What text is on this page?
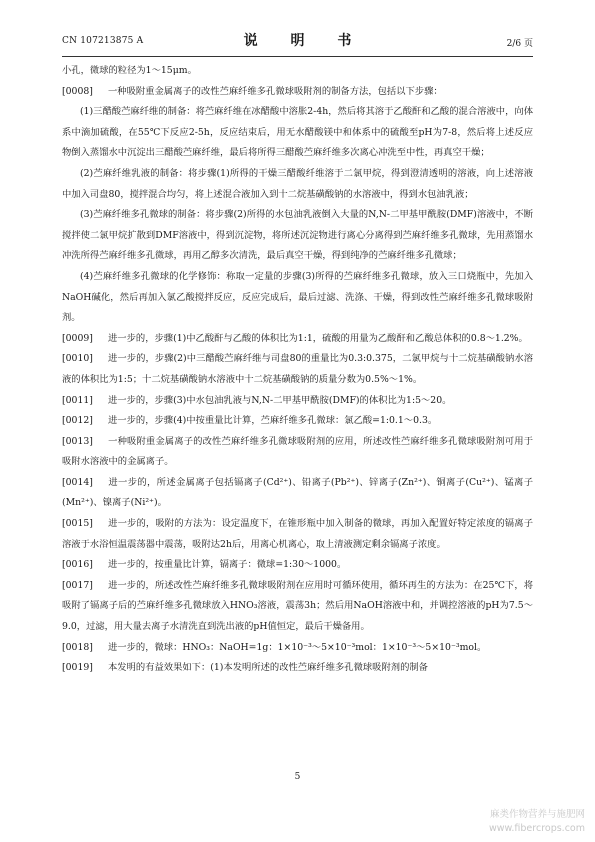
CN 107213875 A	说 明 书	2/6 页

小孔，微球的粒径为1～15μm。

[0008] 一种吸附重金属离子的改性苎麻纤维多孔微球吸附剂的制备方法，包括以下步骤：

(1)三醋酸苎麻纤维的制备：将苎麻纤维在冰醋酸中溶胀2-4h，然后将其溶于乙酸酐和乙酸的混合溶液中，向体系中滴加硫酸，在55℃下反应2-5h，反应结束后，用无水醋酸镁中和体系中的硫酸至pH为7-8，然后将上述反应物倒入蒸馏水中沉淀出三醋酸苎麻纤维，最后将所得三醋酸苎麻纤维多次离心冲洗至中性，再真空干燥；

(2)苎麻纤维乳液的制备：将步骤(1)所得的干燥三醋酸纤维溶于二氯甲烷，得到澄清透明的溶液，向上述溶液中加入司盘80，搅拌混合均匀，将上述混合液加入到十二烷基磺酸钠的水溶液中，得到水包油乳液；

(3)苎麻纤维多孔微球的制备：将步骤(2)所得的水包油乳液倒入大量的N,N-二甲基甲酰胺(DMF)溶液中，不断搅拌使二氯甲烷扩散到DMF溶液中，得到沉淀物，将所述沉淀物进行离心分离得到苎麻纤维多孔微球，先用蒸馏水冲洗所得苎麻纤维多孔微球，再用乙醇多次清洗，最后真空干燥，得到纯净的苎麻纤维多孔微球；

(4)苎麻纤维多孔微球的化学修饰：称取一定量的步骤(3)所得的苎麻纤维多孔微球，放入三口烧瓶中，先加入NaOH碱化，然后再加入氯乙酸搅拌反应，反应完成后，最后过滤、洗涤、干燥，得到改性苎麻纤维多孔微球吸附剂。

[0009] 进一步的，步骤(1)中乙酸酐与乙酸的体积比为1:1，硫酸的用量为乙酸酐和乙酸总体积的0.8～1.2%。

[0010] 进一步的，步骤(2)中三醋酸苎麻纤维与司盘80的重量比为0.3:0.375，二氯甲烷与十二烷基磺酸钠水溶液的体积比为1:5；十二烷基磺酸钠水溶液中十二烷基磺酸钠的质量分数为0.5%～1%。

[0011] 进一步的，步骤(3)中水包油乳液与N,N-二甲基甲酰胺(DMF)的体积比为1:5～20。

[0012] 进一步的，步骤(4)中按重量比计算，苎麻纤维多孔微球：氯乙酸=1:0.1～0.3。

[0013] 一种吸附重金属离子的改性苎麻纤维多孔微球吸附剂的应用，所述改性苎麻纤维多孔微球吸附剂可用于吸附水溶液中的金属离子。

[0014] 进一步的，所述金属离子包括镉离子(Cd²⁺)、铅离子(Pb²⁺)、锌离子(Zn²⁺)、铜离子(Cu²⁺)、锰离子(Mn²⁺)、镍离子(Ni²⁺)。

[0015] 进一步的，吸附的方法为：设定温度下，在锥形瓶中加入制备的微球，再加入配置好特定浓度的镉离子溶液于水浴恒温震荡器中震荡，吸附达2h后，用离心机离心，取上清液测定剩余镉离子浓度。

[0016] 进一步的，按重量比计算，镉离子：微球=1:30～1000。

[0017] 进一步的，所述改性苎麻纤维多孔微球吸附剂在应用时可循环使用，循环再生的方法为：在25℃下，将吸附了镉离子后的苎麻纤维多孔微球放入HNO₃溶液，震荡3h；然后用NaOH溶液中和，并调控溶液的pH为7.5～9.0，过滤，用大量去离子水清洗直到洗出液的pH值恒定，最后干燥备用。

[0018] 进一步的，微球：HNO₃：NaOH=1g：1×10⁻³～5×10⁻³mol：1×10⁻³～5×10⁻³mol。

[0019] 本发明的有益效果如下：(1)本发明所述的改性苎麻纤维多孔微球吸附剂的制备

5
麻类作物营养与施肥网
www.fibercrops.com
